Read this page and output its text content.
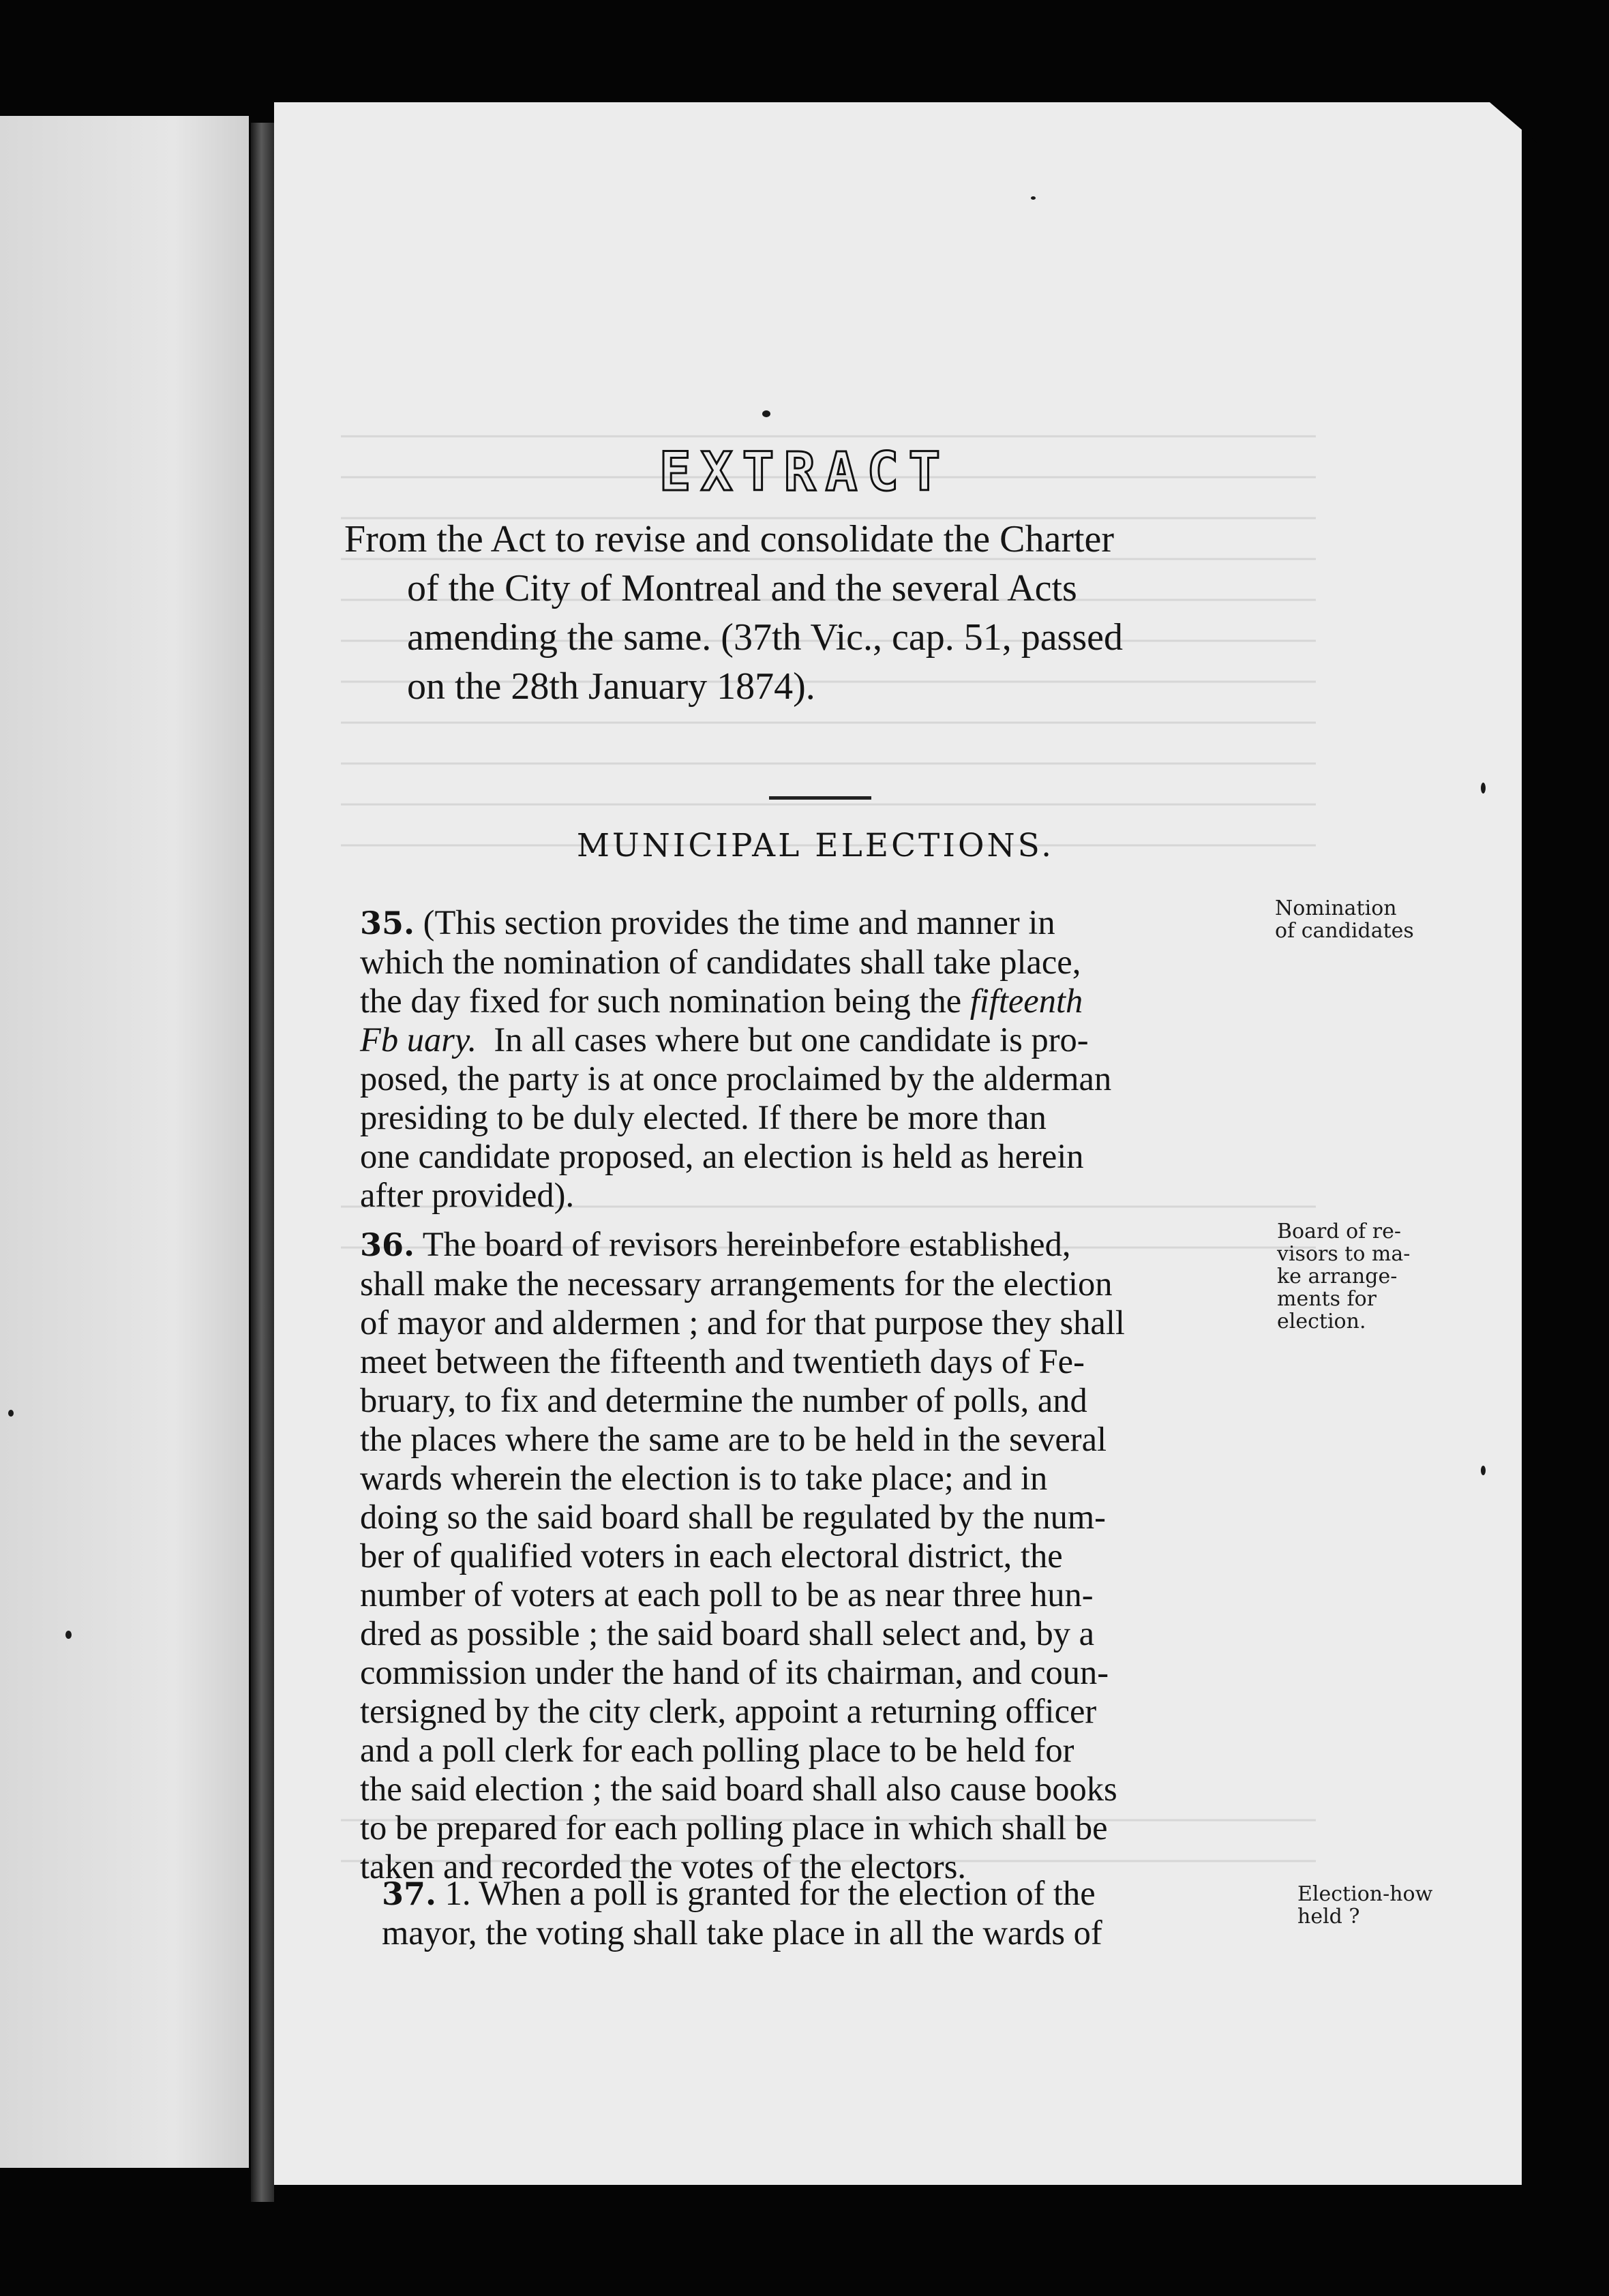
EXTRACT

From the Act to revise and consolidate the Charter
of the City of Montreal and the several Acts
amending the same. (37th Vic., cap. 51, passed
on the 28th January 1874).

MUNICIPAL ELECTIONS.

35. (This section provides the time and manner in
which the nomination of candidates shall take place,
the day fixed for such nomination being the fifteenth
Fb uary. In all cases where but one candidate is pro-
posed, the party is at once proclaimed by the alderman
presiding to be duly elected. If there be more than
one candidate proposed, an election is held as herein
after provided).

Nomination
of candidates

36. The board of revisors hereinbefore established,
shall make the necessary arrangements for the election
of mayor and aldermen ; and for that purpose they shall
meet between the fifteenth and twentieth days of Fe-
bruary, to fix and determine the number of polls, and
the places where the same are to be held in the several
wards wherein the election is to take place; and in
doing so the said board shall be regulated by the num-
ber of qualified voters in each electoral district, the
number of voters at each poll to be as near three hun-
dred as possible ; the said board shall select and, by a
commission under the hand of its chairman, and coun-
tersigned by the city clerk, appoint a returning officer
and a poll clerk for each polling place to be held for
the said election ; the said board shall also cause books
to be prepared for each polling place in which shall be
taken and recorded the votes of the electors.

Board of re-
visors to ma-
ke arrange-
ments for
election.

37. 1. When a poll is granted for the election of the
mayor, the voting shall take place in all the wards of

Election-how
held ?
